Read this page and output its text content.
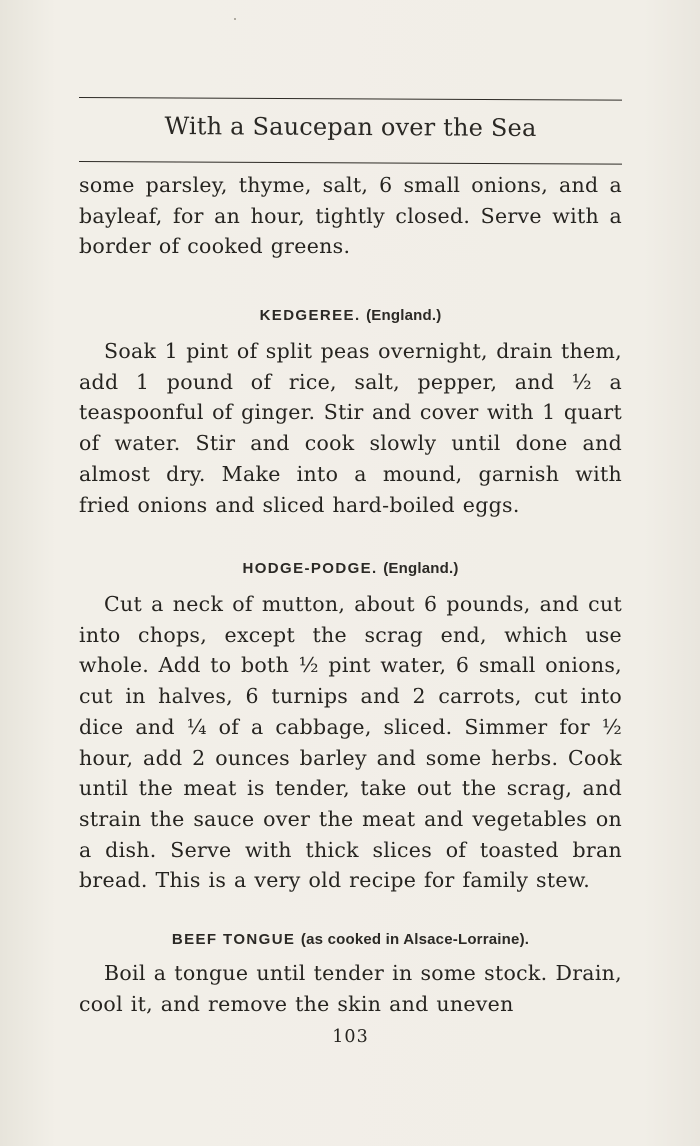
With a Saucepan over the Sea

some parsley, thyme, salt, 6 small onions, and a bayleaf, for an hour, tightly closed. Serve with a border of cooked greens.

KEDGEREE. (England.)

Soak 1 pint of split peas overnight, drain them, add 1 pound of rice, salt, pepper, and ½ a teaspoonful of ginger. Stir and cover with 1 quart of water. Stir and cook slowly until done and almost dry. Make into a mound, garnish with fried onions and sliced hard-boiled eggs.

HODGE-PODGE. (England.)

Cut a neck of mutton, about 6 pounds, and cut into chops, except the scrag end, which use whole. Add to both ½ pint water, 6 small onions, cut in halves, 6 turnips and 2 carrots, cut into dice and ¼ of a cabbage, sliced. Simmer for ½ hour, add 2 ounces barley and some herbs. Cook until the meat is tender, take out the scrag, and strain the sauce over the meat and vegetables on a dish. Serve with thick slices of toasted bran bread. This is a very old recipe for family stew.

BEEF TONGUE (as cooked in Alsace-Lorraine).

Boil a tongue until tender in some stock. Drain, cool it, and remove the skin and uneven

103
